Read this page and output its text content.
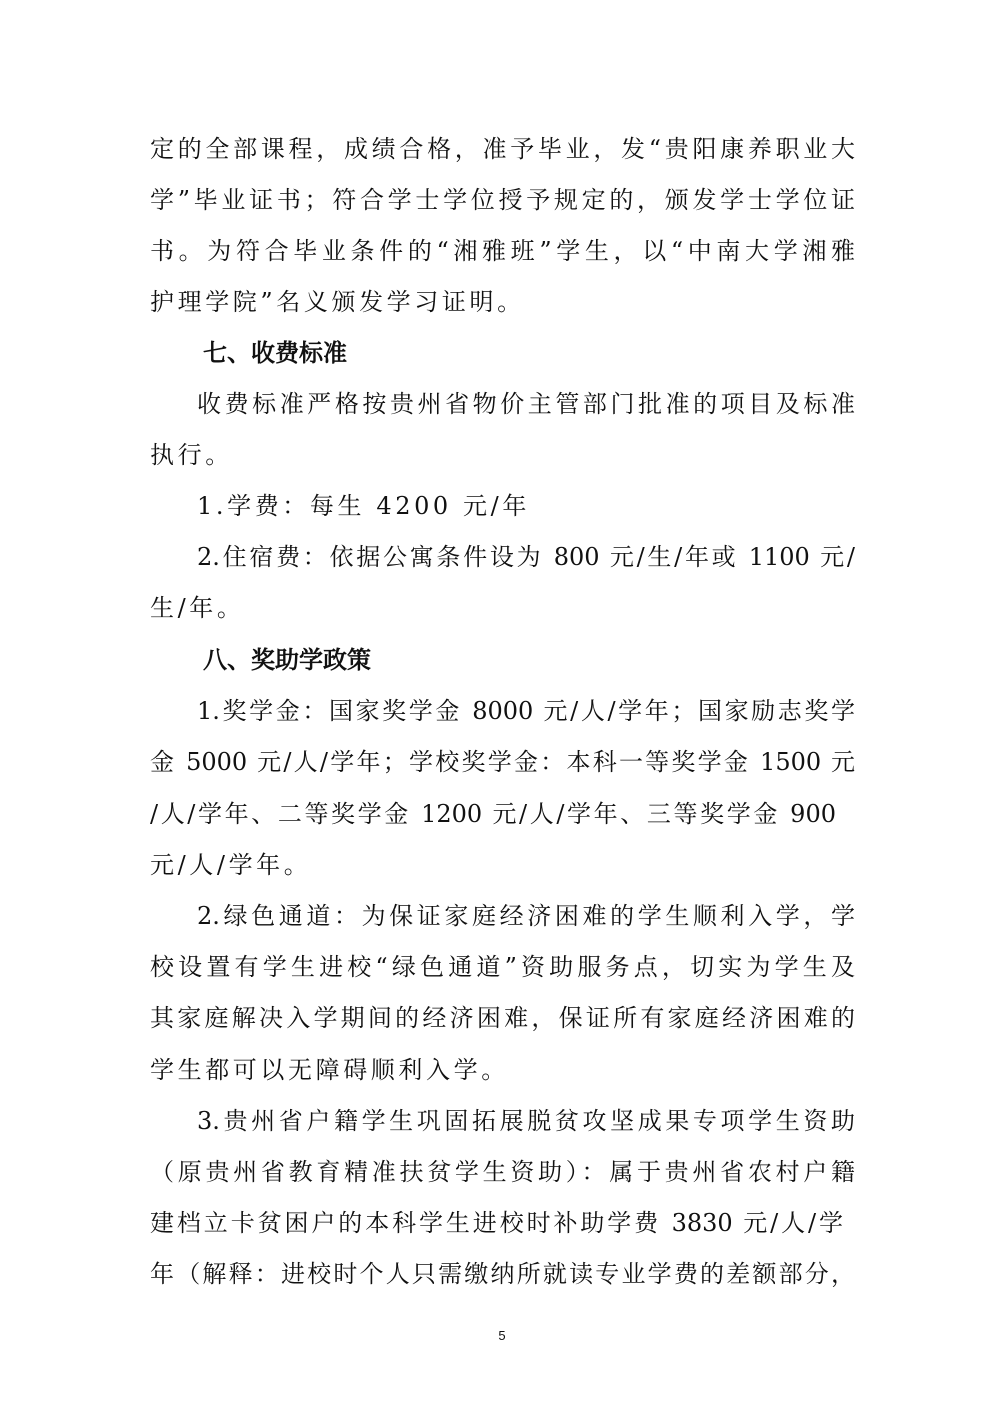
定的全部课程，成绩合格，准予毕业，发“贵阳康养职业大
学”毕业证书；符合学士学位授予规定的，颁发学士学位证
书。为符合毕业条件的“湘雅班”学生，以“中南大学湘雅
护理学院”名义颁发学习证明。
七、收费标准
收费标准严格按贵州省物价主管部门批准的项目及标准
执行。
1.学费：每生 4200 元/年
2.住宿费：依据公寓条件设为 800 元/生/年或 1100 元/
生/年。
八、奖助学政策
1.奖学金：国家奖学金 8000 元/人/学年；国家励志奖学
金 5000 元/人/学年；学校奖学金：本科一等奖学金 1500 元
/人/学年、二等奖学金 1200 元/人/学年、三等奖学金 900
元/人/学年。
2.绿色通道：为保证家庭经济困难的学生顺利入学，学
校设置有学生进校“绿色通道”资助服务点，切实为学生及
其家庭解决入学期间的经济困难，保证所有家庭经济困难的
学生都可以无障碍顺利入学。
3.贵州省户籍学生巩固拓展脱贫攻坚成果专项学生资助
（原贵州省教育精准扶贫学生资助）：属于贵州省农村户籍
建档立卡贫困户的本科学生进校时补助学费 3830 元/人/学
年（解释：进校时个人只需缴纳所就读专业学费的差额部分，
5
